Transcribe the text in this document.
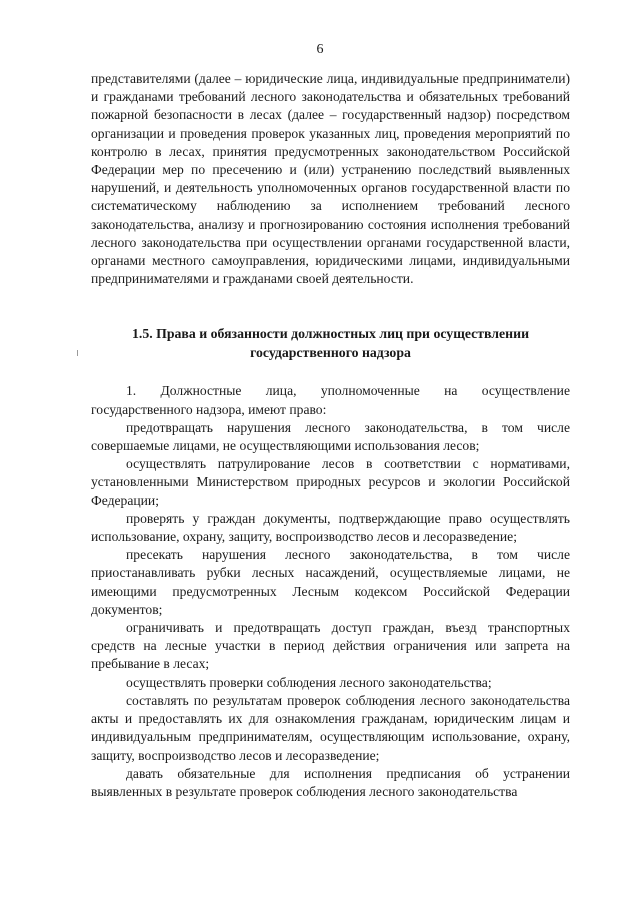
6

представителями (далее – юридические лица, индивидуальные предприниматели) и гражданами требований лесного законодательства и обязательных требований пожарной безопасности в лесах (далее – государственный надзор) посредством организации и проведения проверок указанных лиц, проведения мероприятий по контролю в лесах, принятия предусмотренных законодательством Российской Федерации мер по пресечению и (или) устранению последствий выявленных нарушений, и деятельность уполномоченных органов государственной власти по систематическому наблюдению за исполнением требований лесного законодательства, анализу и прогнозированию состояния исполнения требований лесного законодательства при осуществлении органами государственной власти, органами местного самоуправления, юридическими лицами, индивидуальными предпринимателями и гражданами своей деятельности.

1.5. Права и обязанности должностных лиц при осуществлении
государственного надзора

1. Должностные лица, уполномоченные на осуществление государственного надзора, имеют право:

предотвращать нарушения лесного законодательства, в том числе совершаемые лицами, не осуществляющими использования лесов;

осуществлять патрулирование лесов в соответствии с нормативами, установленными Министерством природных ресурсов и экологии Российской Федерации;

проверять у граждан документы, подтверждающие право осуществлять использование, охрану, защиту, воспроизводство лесов и лесоразведение;

пресекать нарушения лесного законодательства, в том числе приостанавливать рубки лесных насаждений, осуществляемые лицами, не имеющими предусмотренных Лесным кодексом Российской Федерации документов;

ограничивать и предотвращать доступ граждан, въезд транспортных средств на лесные участки в период действия ограничения или запрета на пребывание в лесах;

осуществлять проверки соблюдения лесного законодательства;

составлять по результатам проверок соблюдения лесного законодательства акты и предоставлять их для ознакомления гражданам, юридическим лицам и индивидуальным предпринимателям, осуществляющим использование, охрану, защиту, воспроизводство лесов и лесоразведение;

давать обязательные для исполнения предписания об устранении выявленных в результате проверок соблюдения лесного законодательства
